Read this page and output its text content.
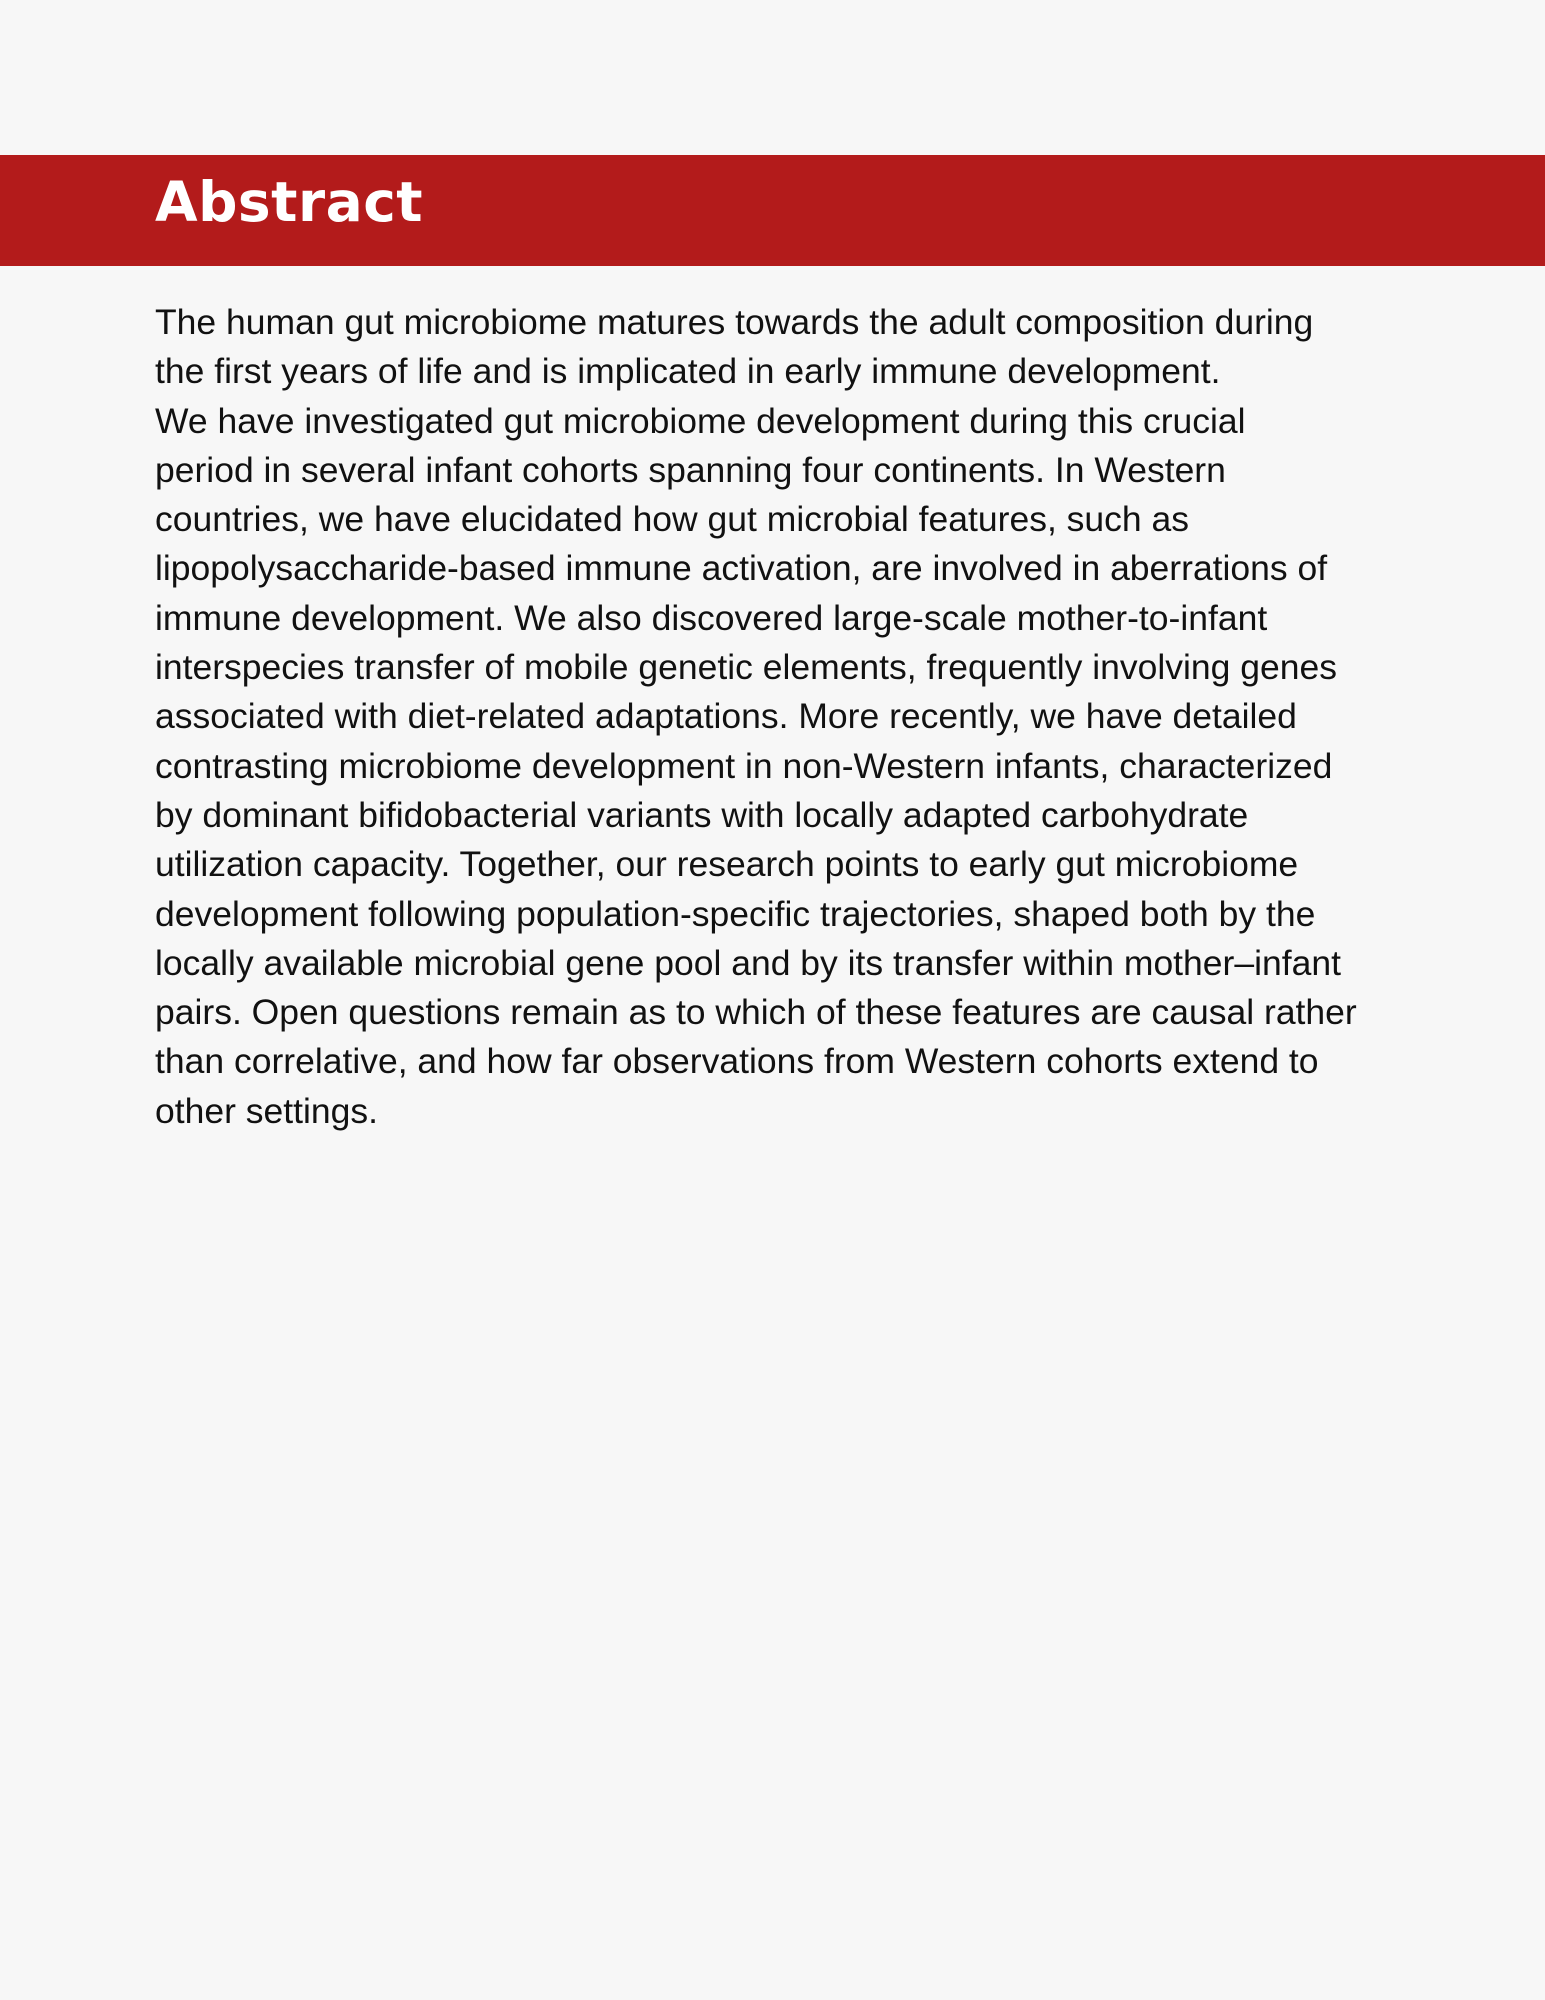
Abstract

The human gut microbiome matures towards the adult composition during
the first years of life and is implicated in early immune development.
We have investigated gut microbiome development during this crucial
period in several infant cohorts spanning four continents. In Western
countries, we have elucidated how gut microbial features, such as
lipopolysaccharide-based immune activation, are involved in aberrations of
immune development. We also discovered large-scale mother-to-infant
interspecies transfer of mobile genetic elements, frequently involving genes
associated with diet-related adaptations. More recently, we have detailed
contrasting microbiome development in non-Western infants, characterized
by dominant bifidobacterial variants with locally adapted carbohydrate
utilization capacity. Together, our research points to early gut microbiome
development following population-specific trajectories, shaped both by the
locally available microbial gene pool and by its transfer within mother–infant
pairs. Open questions remain as to which of these features are causal rather
than correlative, and how far observations from Western cohorts extend to
other settings.
